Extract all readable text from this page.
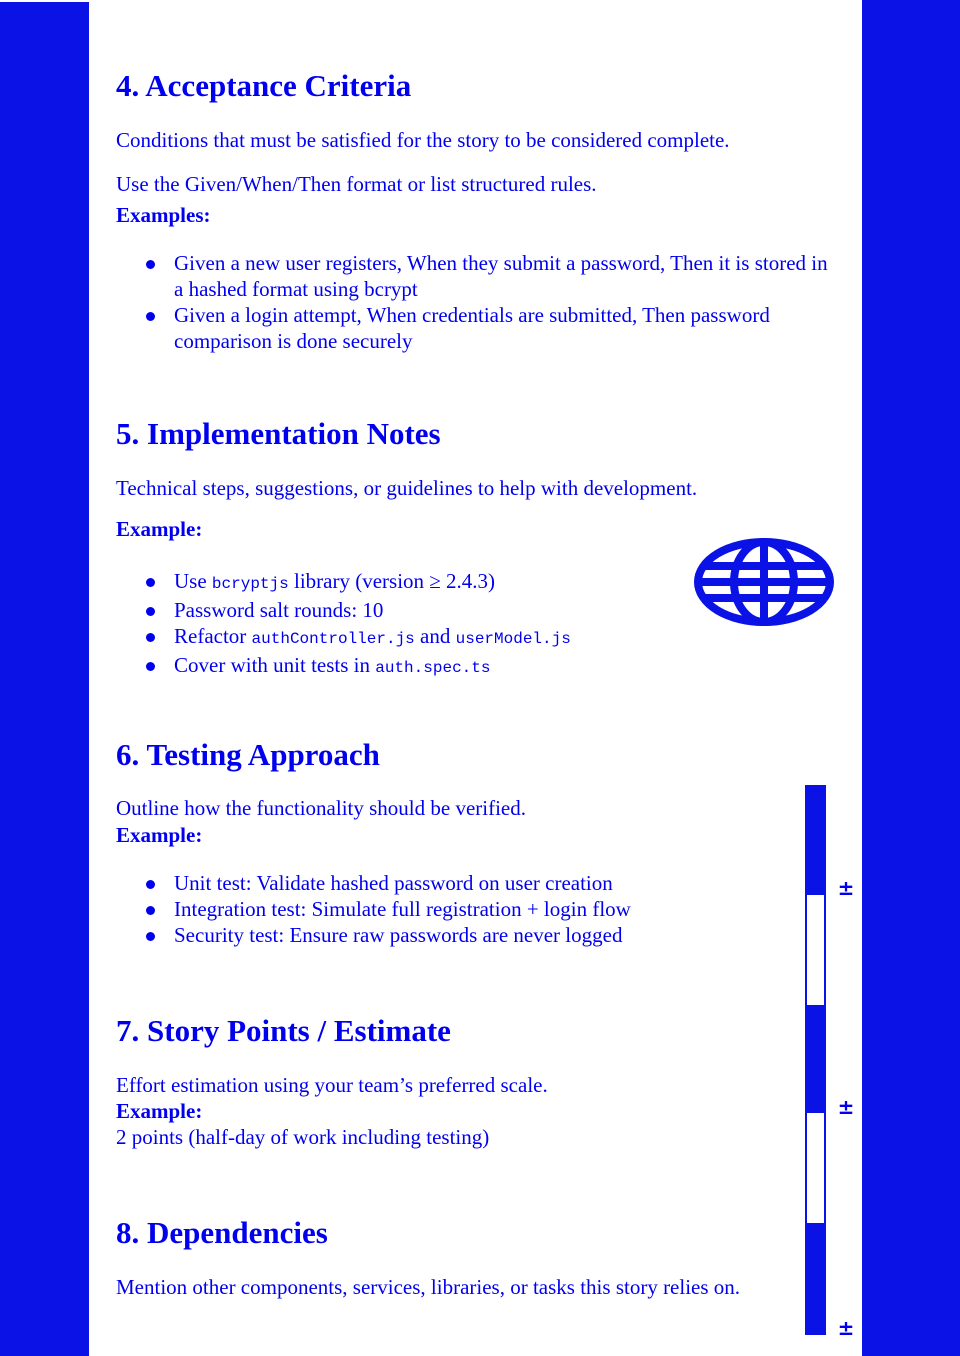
4. Acceptance Criteria

Conditions that must be satisfied for the story to be considered complete.

Use the Given/When/Then format or list structured rules.

Examples:

Given a new user registers, When they submit a password, Then it is stored in a hashed format using bcrypt
Given a login attempt, When credentials are submitted, Then password comparison is done securely
5. Implementation Notes

Technical steps, suggestions, or guidelines to help with development.

Example:

Use bcryptjs library (version ≥ 2.4.3)
Password salt rounds: 10
Refactor authController.js and userModel.js
Cover with unit tests in auth.spec.ts
6. Testing Approach

Outline how the functionality should be verified.

Example:

Unit test: Validate hashed password on user creation
Integration test: Simulate full registration + login flow
Security test: Ensure raw passwords are never logged
7. Story Points / Estimate

Effort estimation using your team’s preferred scale.

Example:

2 points (half-day of work including testing)

8. Dependencies

Mention other components, services, libraries, or tasks this story relies on.

±
±
±
